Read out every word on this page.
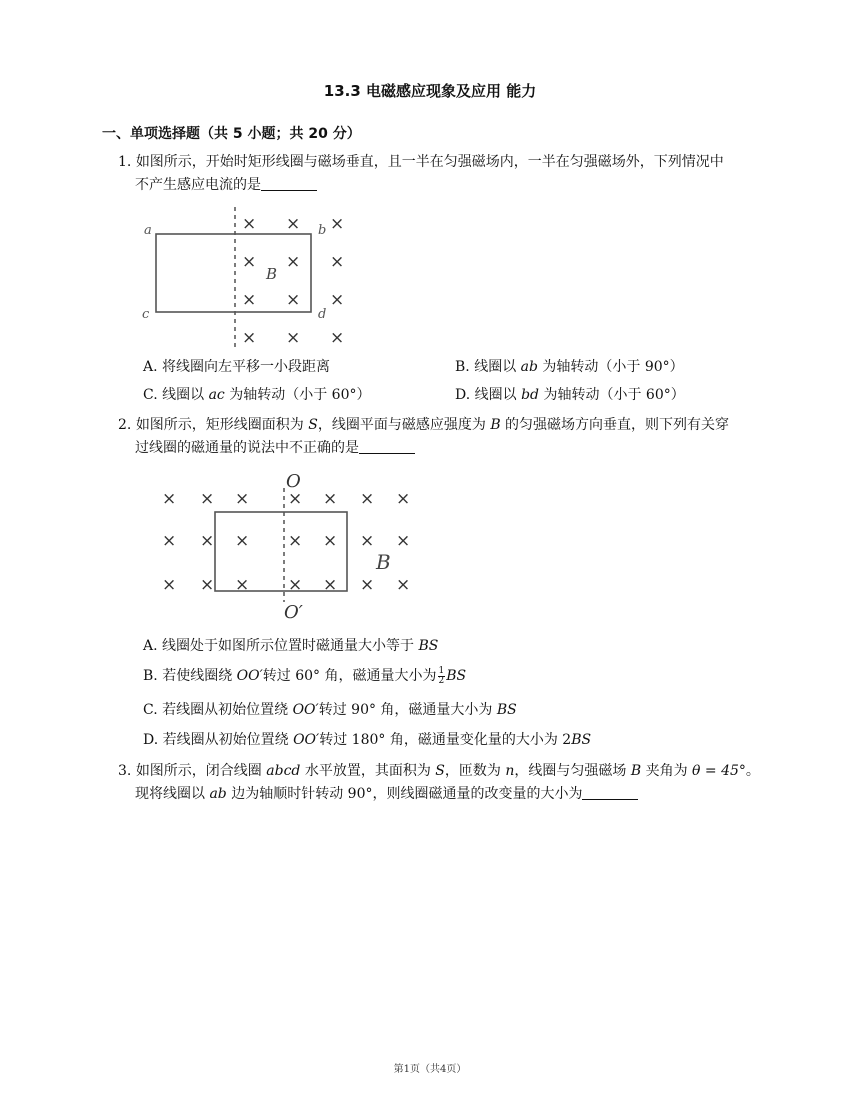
13.3 电磁感应现象及应用 能力
一、单项选择题（共 5 小题；共 20 分）
1. 如图所示，开始时矩形线圈与磁场垂直，且一半在匀强磁场内，一半在匀强磁场外，下列情况中
不产生感应电流的是
a	b
c	d
B
× × ×
× × ×
× × ×
× × ×
A. 将线圈向左平移一小段距离	B. 线圈以 ab 为轴转动（小于 90°）
C. 线圈以 ac 为轴转动（小于 60°）	D. 线圈以 bd 为轴转动（小于 60°）
2. 如图所示，矩形线圈面积为 S，线圈平面与磁感应强度为 B 的匀强磁场方向垂直，则下列有关穿
过线圈的磁通量的说法中不正确的是
O
O′
B
× × × × × × ×
× × × × × × ×
× × × × × × ×
A. 线圈处于如图所示位置时磁通量大小等于 BS
B. 若使线圈绕 OO′转过 60° 角，磁通量大小为 $\frac{1}{2}$ BS
C. 若线圈从初始位置绕 OO′转过 90° 角，磁通量大小为 BS
D. 若线圈从初始位置绕 OO′转过 180° 角，磁通量变化量的大小为 2BS
3. 如图所示，闭合线圈 abcd 水平放置，其面积为 S，匝数为 n，线圈与匀强磁场 B 夹角为 θ = 45°。
现将线圈以 ab 边为轴顺时针转动 90°，则线圈磁通量的改变量的大小为
第1页（共4页）
